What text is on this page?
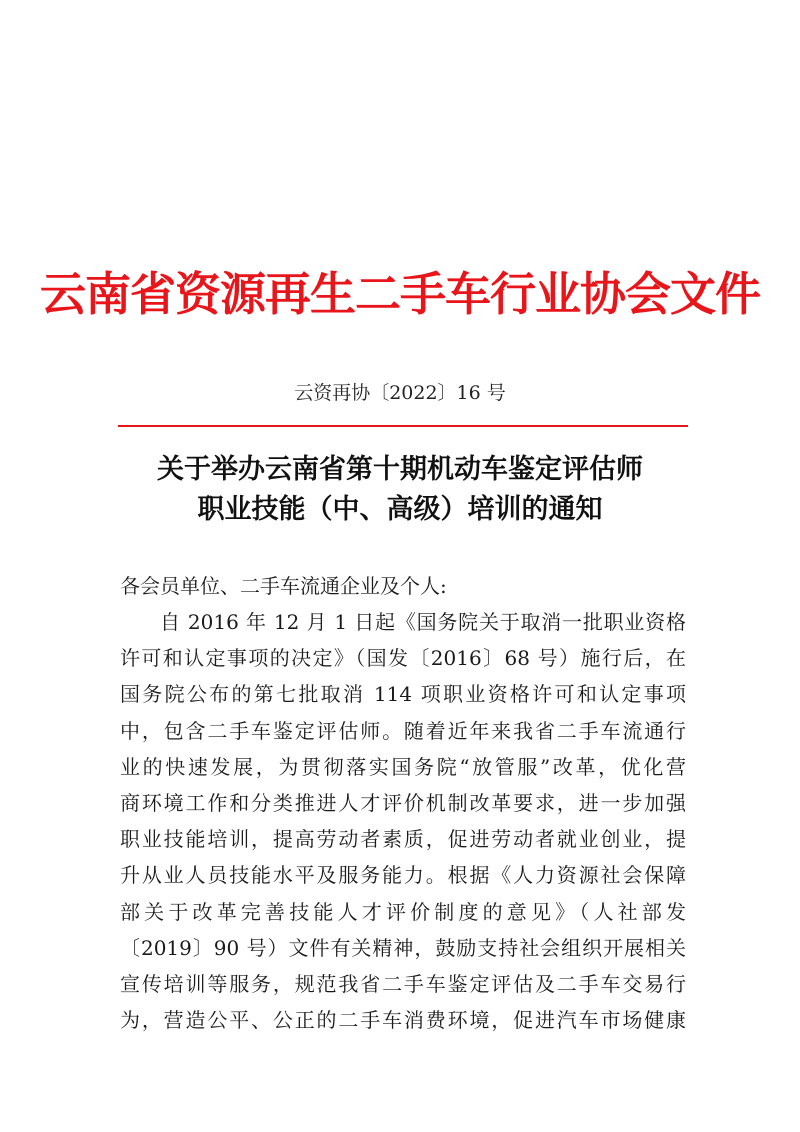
云南省资源再生二手车行业协会文件
云资再协〔2022〕16 号
关于举办云南省第十期机动车鉴定评估师
职业技能（中、高级）培训的通知
各会员单位、二手车流通企业及个人:
自 2016 年 12 月 1 日起《国务院关于取消一批职业资格
许可和认定事项的决定》（国发〔2016〕68 号）施行后，在
国务院公布的第七批取消 114 项职业资格许可和认定事项
中，包含二手车鉴定评估师。随着近年来我省二手车流通行
业的快速发展，为贯彻落实国务院“放管服”改革，优化营
商环境工作和分类推进人才评价机制改革要求，进一步加强
职业技能培训，提高劳动者素质，促进劳动者就业创业，提
升从业人员技能水平及服务能力。根据《人力资源社会保障
部关于改革完善技能人才评价制度的意见》（人社部发
〔2019〕90 号）文件有关精神，鼓励支持社会组织开展相关
宣传培训等服务，规范我省二手车鉴定评估及二手车交易行
为，营造公平、公正的二手车消费环境，促进汽车市场健康
